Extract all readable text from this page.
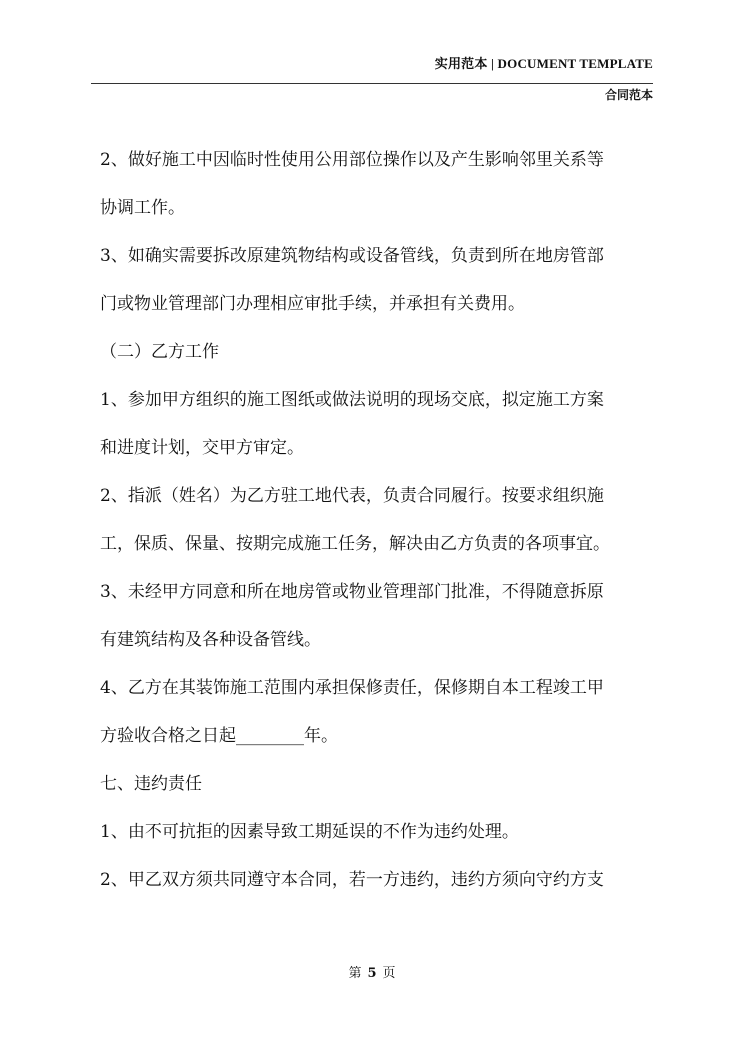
实用范本 | DOCUMENT TEMPLATE
合同范本

2、做好施工中因临时性使用公用部位操作以及产生影响邻里关系等

协调工作。

3、如确实需要拆改原建筑物结构或设备管线，负责到所在地房管部

门或物业管理部门办理相应审批手续，并承担有关费用。

（二）乙方工作

1、参加甲方组织的施工图纸或做法说明的现场交底，拟定施工方案

和进度计划，交甲方审定。

2、指派（姓名）为乙方驻工地代表，负责合同履行。按要求组织施

工，保质、保量、按期完成施工任务，解决由乙方负责的各项事宜。

3、未经甲方同意和所在地房管或物业管理部门批准，不得随意拆原

有建筑结构及各种设备管线。

4、乙方在其装饰施工范围内承担保修责任，保修期自本工程竣工甲

方验收合格之日起________年。

七、违约责任

1、由不可抗拒的因素导致工期延误的不作为违约处理。

2、甲乙双方须共同遵守本合同，若一方违约，违约方须向守约方支

第 5 页
